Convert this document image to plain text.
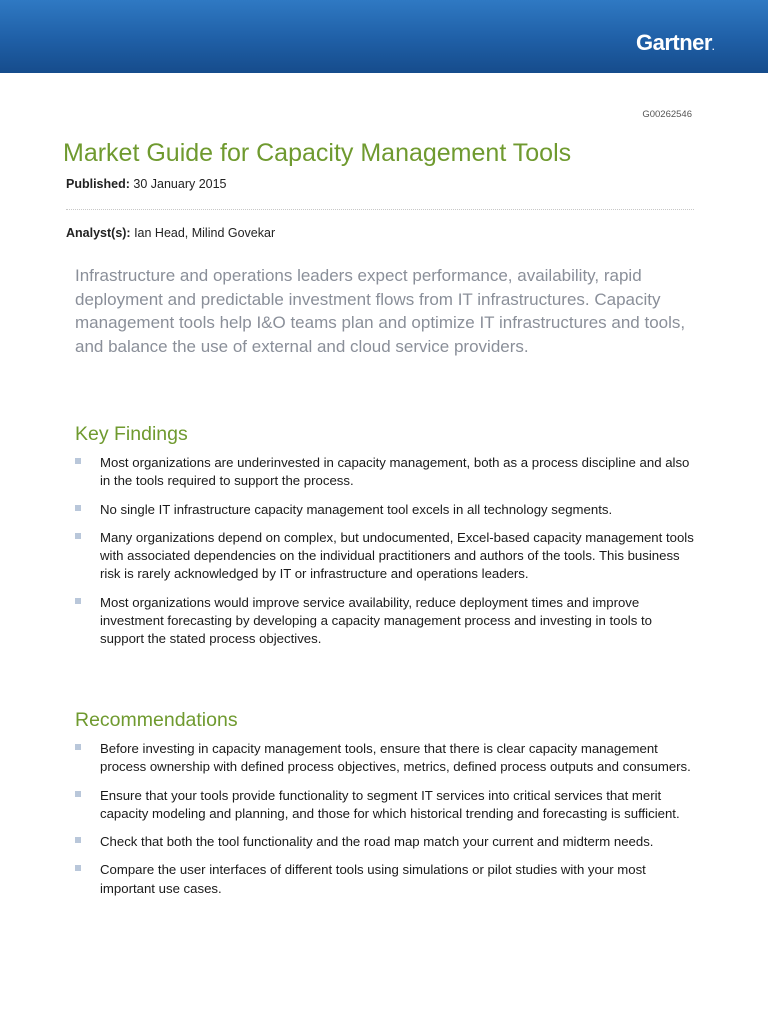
Gartner.
G00262546
Market Guide for Capacity Management Tools
Published: 30 January 2015
Analyst(s): Ian Head, Milind Govekar

Infrastructure and operations leaders expect performance, availability, rapid deployment and predictable investment flows from IT infrastructures. Capacity management tools help I&O teams plan and optimize IT infrastructures and tools, and balance the use of external and cloud service providers.

Key Findings
Most organizations are underinvested in capacity management, both as a process discipline and also in the tools required to support the process.
No single IT infrastructure capacity management tool excels in all technology segments.
Many organizations depend on complex, but undocumented, Excel-based capacity management tools with associated dependencies on the individual practitioners and authors of the tools. This business risk is rarely acknowledged by IT or infrastructure and operations leaders.
Most organizations would improve service availability, reduce deployment times and improve investment forecasting by developing a capacity management process and investing in tools to support the stated process objectives.
Recommendations
Before investing in capacity management tools, ensure that there is clear capacity management process ownership with defined process objectives, metrics, defined process outputs and consumers.
Ensure that your tools provide functionality to segment IT services into critical services that merit capacity modeling and planning, and those for which historical trending and forecasting is sufficient.
Check that both the tool functionality and the road map match your current and midterm needs.
Compare the user interfaces of different tools using simulations or pilot studies with your most important use cases.
